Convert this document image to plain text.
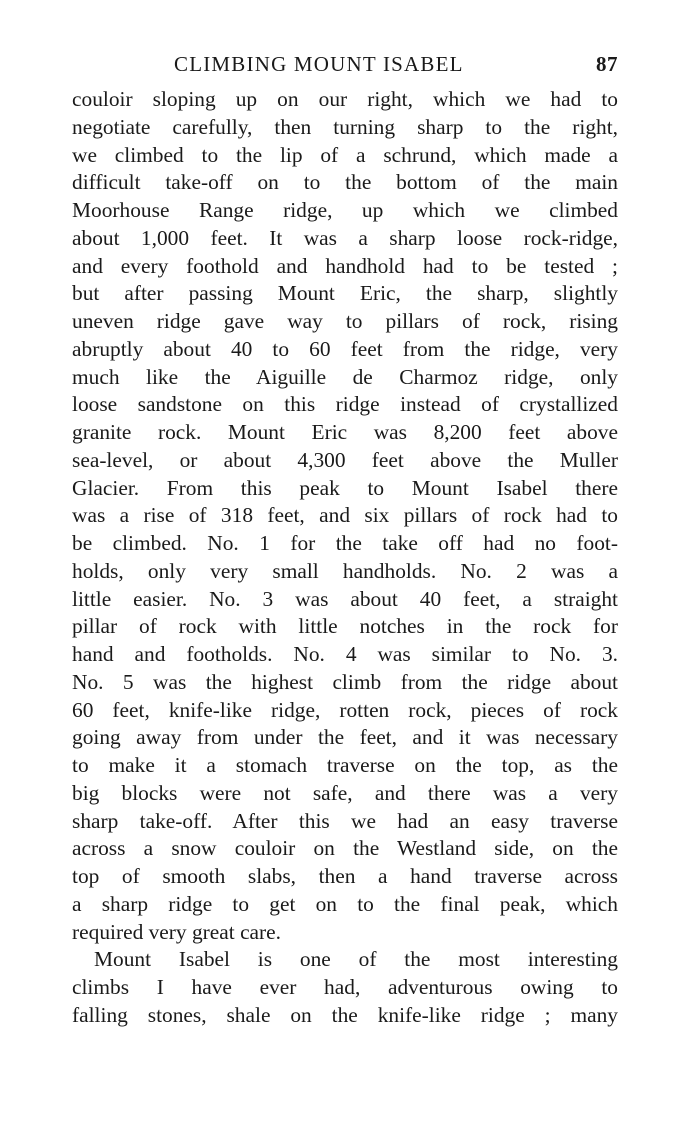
CLIMBING MOUNT ISABEL	87
couloir sloping up on our right, which we had to
negotiate carefully, then turning sharp to the right,
we climbed to the lip of a schrund, which made a
difficult take-off on to the bottom of the main
Moorhouse Range ridge, up which we climbed
about 1,000 feet. It was a sharp loose rock-ridge,
and every foothold and handhold had to be tested ;
but after passing Mount Eric, the sharp, slightly
uneven ridge gave way to pillars of rock, rising
abruptly about 40 to 60 feet from the ridge, very
much like the Aiguille de Charmoz ridge, only
loose sandstone on this ridge instead of crystallized
granite rock. Mount Eric was 8,200 feet above
sea-level, or about 4,300 feet above the Muller
Glacier. From this peak to Mount Isabel there
was a rise of 318 feet, and six pillars of rock had to
be climbed. No. 1 for the take off had no foot-
holds, only very small handholds. No. 2 was a
little easier. No. 3 was about 40 feet, a straight
pillar of rock with little notches in the rock for
hand and footholds. No. 4 was similar to No. 3.
No. 5 was the highest climb from the ridge about
60 feet, knife-like ridge, rotten rock, pieces of rock
going away from under the feet, and it was necessary
to make it a stomach traverse on the top, as the
big blocks were not safe, and there was a very
sharp take-off. After this we had an easy traverse
across a snow couloir on the Westland side, on the
top of smooth slabs, then a hand traverse across
a sharp ridge to get on to the final peak, which
required very great care.
Mount Isabel is one of the most interesting
climbs I have ever had, adventurous owing to
falling stones, shale on the knife-like ridge ; many
